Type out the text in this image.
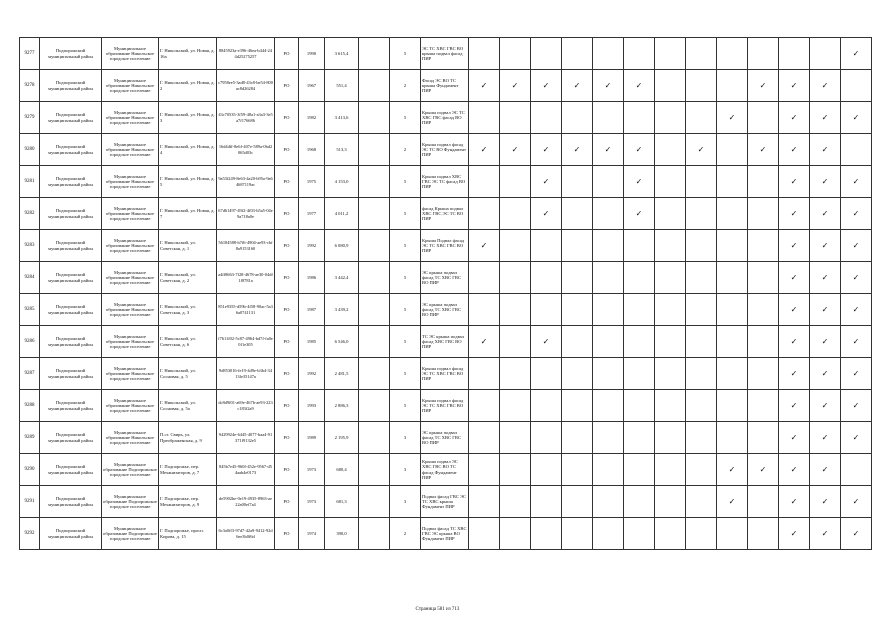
9277	Подпорожский муниципальный район	Муниципальное образование Никольское городское поселение	Г. Никольский, ул. Новая, д. 16а	8845923a-e396-46ea-b444-244d25275257	РО	1990	3 615,4		5	ЭС ТС ХВС ГВС ВО крыша подвал фасад ПИР													✓
9278	Подпорожский муниципальный район	Муниципальное образование Никольское городское поселение	Г. Никольский, ул. Новая, д. 2	c7958ee5-3ad8-43c8-be54-800ac8d26284	РО	1967	551,4		2	Фасад ЭС ВО ТС крыша Фундамент ПИР	✓	✓	✓	✓	✓	✓				✓	✓	✓	
9279	Подпорожский муниципальный район	Муниципальное образование Никольское городское поселение	Г. Никольский, ул. Новая, д. 3	43c70535-3f59-48a1-a3a3-3e5a7f176686	РО	1982	3 413,6		5	Крыша подвал ЭС ТС ХВС ГВС фасад ВО ПИР									✓		✓	✓	✓
9280	Подпорожский муниципальный район	Муниципальное образование Никольское городское поселение	Г. Никольский, ул. Новая, д. 4	16d4dff-8e6f-407e-589a-0bd2065d03c	РО	1968	513,3		2	Крыша подвал фасад ЭС ТС ВО Фундамент ПИР	✓	✓	✓	✓	✓	✓		✓		✓	✓	✓	
9281	Подпорожский муниципальный район	Муниципальное образование Никольское городское поселение	Г. Никольский, ул. Новая, д. 5	9a53f249-8e63-4a20-b95a-9a64687119ac	РО	1975	4 153,0		5	Крыша подвал ХВС ГВС ЭС ТС фасад ВО ПИР			✓			✓					✓	✓	✓
9282	Подпорожский муниципальный район	Муниципальное образование Никольское городское поселение	Г. Никольский, ул. Новая, д. 7	67d61497-49f2-4f03-b5a5-04e9a718a0e	РО	1977	4 011,2		5	фасад Крыша подвал ХВС ГВС ЭС ТС ВО ПИР			✓			✓					✓	✓	✓
9283	Подпорожский муниципальный район	Муниципальное образование Никольское городское поселение	Г. Никольский, ул. Советская, д. 1	56184588-b7f6-4904-ae93-cbf8a9153160	РО	1992	6 080,9		5	Крыша Подвал фасад ЭС ТС ХВС ГВС ВО ПИР	✓										✓	✓	✓
9284	Подпорожский муниципальный район	Муниципальное образование Никольское городское поселение	Г. Никольский, ул. Советская, д. 2	a4ff8663-7f28-4678-ae30-04df1f8781a	РО	1986	3 442,4		5	ЭС крыша подвал фасад ТС ХВС ГВС ВО ПИР											✓	✓	✓
9285	Подпорожский муниципальный район	Муниципальное образование Никольское городское поселение	Г. Никольский, ул. Советская, д. 3	851e9355-d59b-4f58-90ac-5a36a0741131	РО	1987	3 439,2		5	ЭС крыша подвал фасад ТС ХВС ГВС ВО ПИР											✓	✓	✓
9286	Подпорожский муниципальный район	Муниципальное образование Никольское городское поселение	Г. Никольский, ул. Советская, д. 6	f7611f02-5c87-4964-bd7f-fa0e0f1e305	РО	1985	6 546,0		5	ТС ЭС крыша подвал фасад ХВС ГВС ВО ПИР	✓		✓								✓	✓	✓
9287	Подпорожский муниципальный район	Муниципальное образование Никольское городское поселение	Г. Никольский, ул. Сосновая, д. 5	9d853016-fe19-4d9e-b3b4-3413fe35147a	РО	1992	2 481,5		5	Крыша подвал фасад ЭС ТС ХВС ГВС ВО ПИР											✓	✓	✓
9288	Подпорожский муниципальный район	Муниципальное образование Никольское городское поселение	Г. Никольский, ул. Сосновая, д. 5а	dc8d9f01-a69e-467b-ae93-223c183f2a9	РО	1993	2 886,3		5	Крыша подвал фасад ЭС ТС ХВС ГВС ВО ПИР											✓	✓	✓
9289	Подпорожский муниципальный район	Муниципальное образование Никольское городское поселение	П.ст. Свирь, ул. Преображенская, д. 9	9429924e-6445-4077-baa4-91371f9132e5	РО	1989	2 195,9		3	ЭС крыша подвал фасад ТС ХВС ГВС ВО ПИР											✓	✓	✓
9290	Подпорожский муниципальный район	Муниципальное образование Подпорожское городское поселение	Г. Подпорожье, пер. Механизаторов, д. 7	845b7e45-960f-452e-9567-d54aab4e0173	РО	1973	680,4		3	Крыша подвал ЭС ХВС ГВС ВО ТС фасад Фундамент ПИР									✓	✓	✓	✓	
9291	Подпорожский муниципальный район	Муниципальное образование Подпорожское городское поселение	Г. Подпорожье, пер. Механизаторов, д. 9	de5902be-0e19-4935-8963-ae22a00ef7a4	РО	1973	681,3		3	Подвал фасад ГВС ЭС ТС ХВС крыша Фундамент ПИР									✓		✓	✓	✓
9292	Подпорожский муниципальный район	Муниципальное образование Подпорожское городское поселение	Г. Подпорожье, просп. Кирова, д. 15	6c3a0ff3-97d7-42a9-9412-92d6ee3b0f6d	РО	1974	390,0		2	Подвал фасад ТС ХВС ГВС ЭС крыша ВО Фундамент ПИР											✓	✓	✓
Страница 581 из 713
